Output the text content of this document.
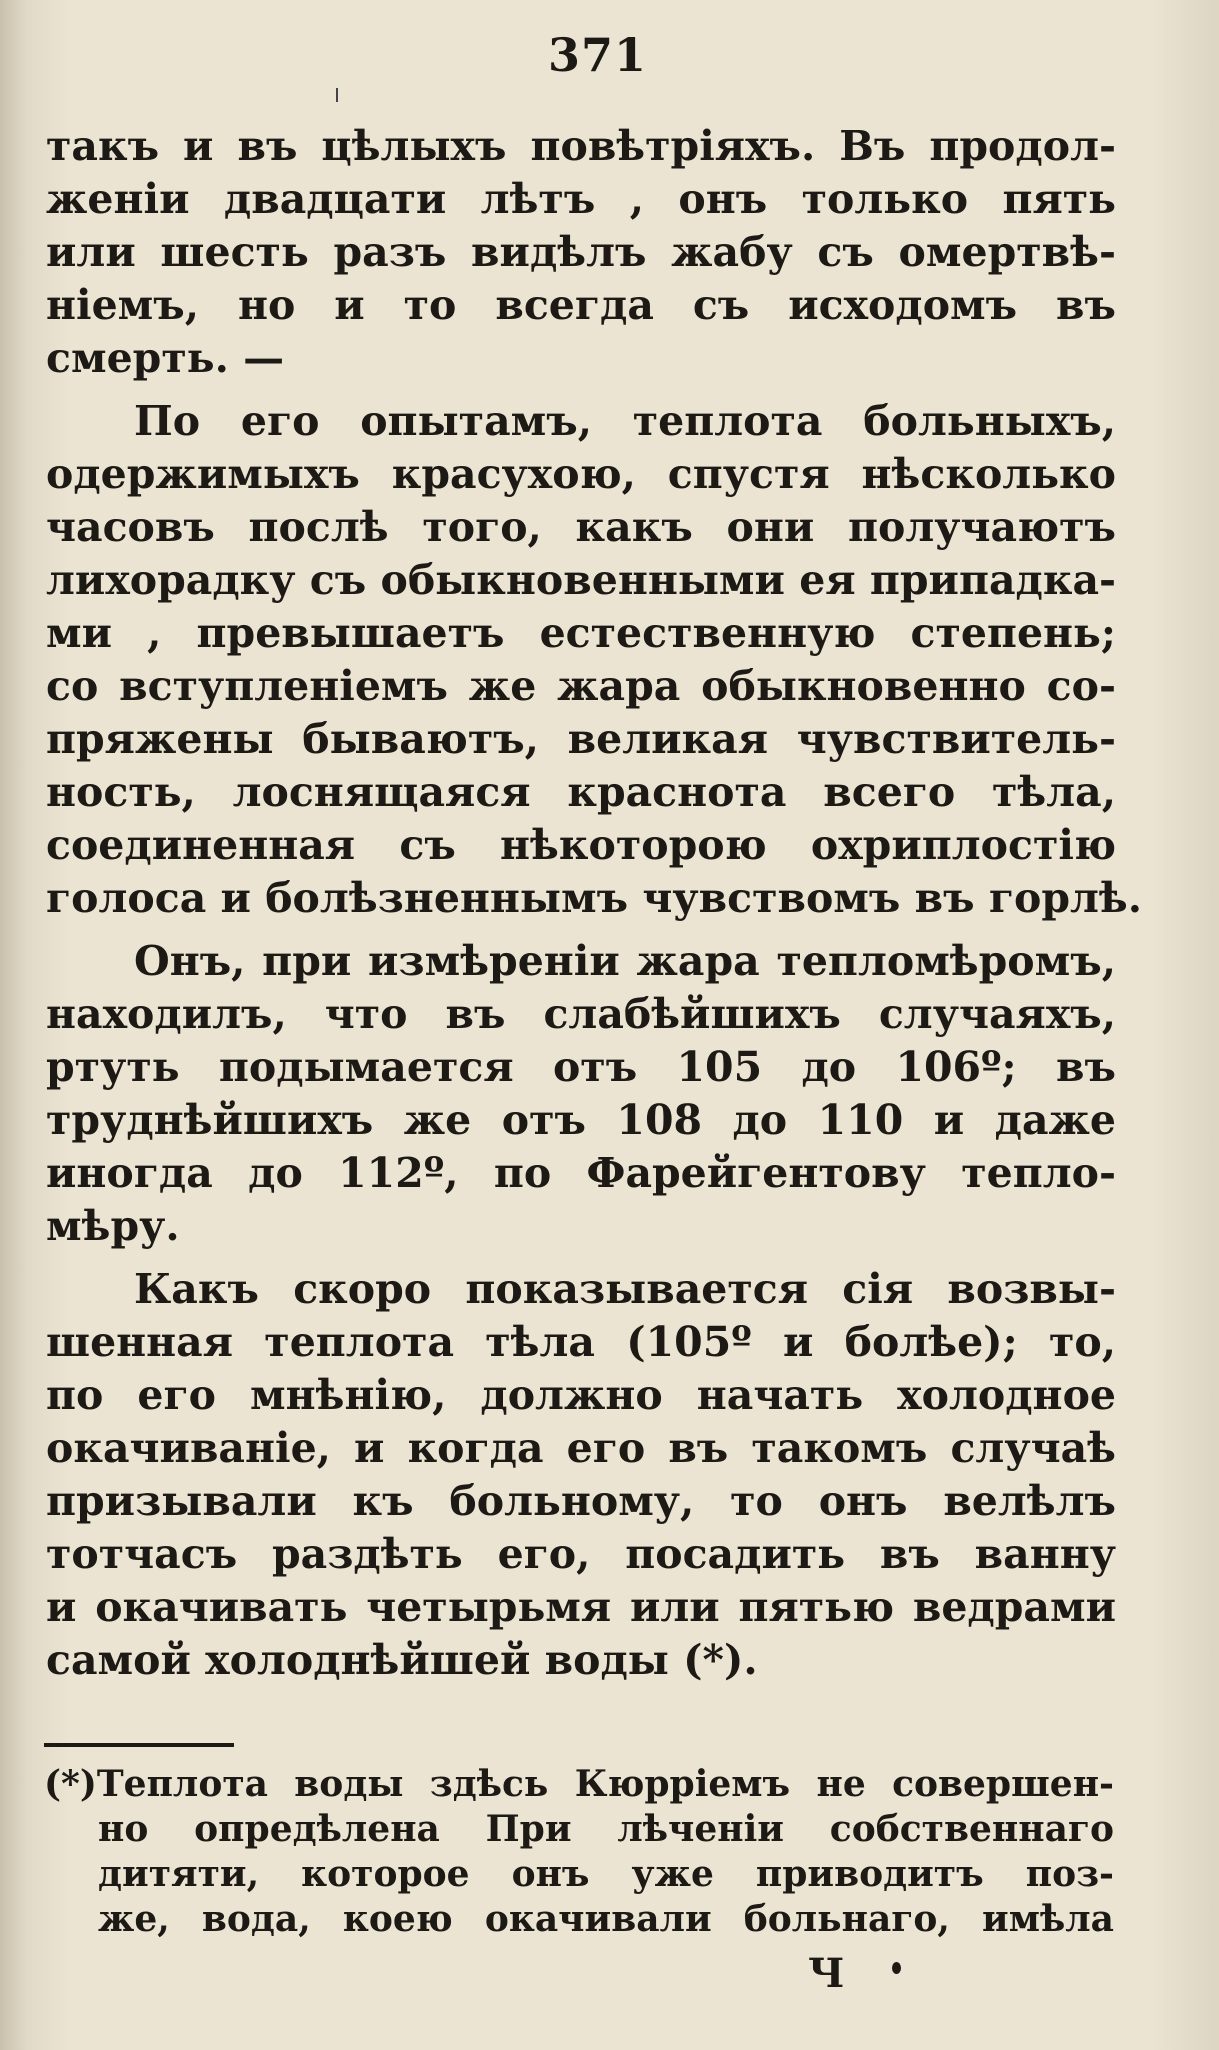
371
такъ и въ цѣлыхъ повѣтріяхъ. Въ продол-
женіи двадцати лѣтъ , онъ только пять
или шесть разъ видѣлъ жабу съ омертвѣ-
ніемъ, но и то всегда съ исходомъ въ
смерть. —
По его опытамъ, теплота больныхъ,
одержимыхъ красухою, спустя нѣсколько
часовъ послѣ того, какъ они получаютъ
лихорадку съ обыкновенными ея припадка-
ми , превышаетъ естественную степень;
со вступленіемъ же жара обыкновенно со-
пряжены бываютъ, великая чувствитель-
ность, лоснящаяся краснота всего тѣла,
соединенная съ нѣкоторою охриплостію
голоса и болѣзненнымъ чувствомъ въ горлѣ.
Онъ, при измѣреніи жара тепломѣромъ,
находилъ, что въ слабѣйшихъ случаяхъ,
ртуть подымается отъ 105 до 106º; въ
труднѣйшихъ же отъ 108 до 110 и даже
иногда до 112º, по Фарейгентову тепло-
мѣру.
Какъ скоро показывается сія возвы-
шенная теплота тѣла (105º и болѣе); то,
по его мнѣнію, должно начать холодное
окачиваніе, и когда его въ такомъ случаѣ
призывали къ больному, то онъ велѣлъ
тотчасъ раздѣть его, посадить въ ванну
и окачивать четырьмя или пятью ведрами
самой холоднѣйшей воды (*).
(*)Теплота воды здѣсь Кюрріемъ не совершен-
но опредѣлена При лѣченіи собственнаго
дитяти, которое онъ уже приводитъ поз-
же, вода, коею окачивали больнаго, имѣла
Ч
